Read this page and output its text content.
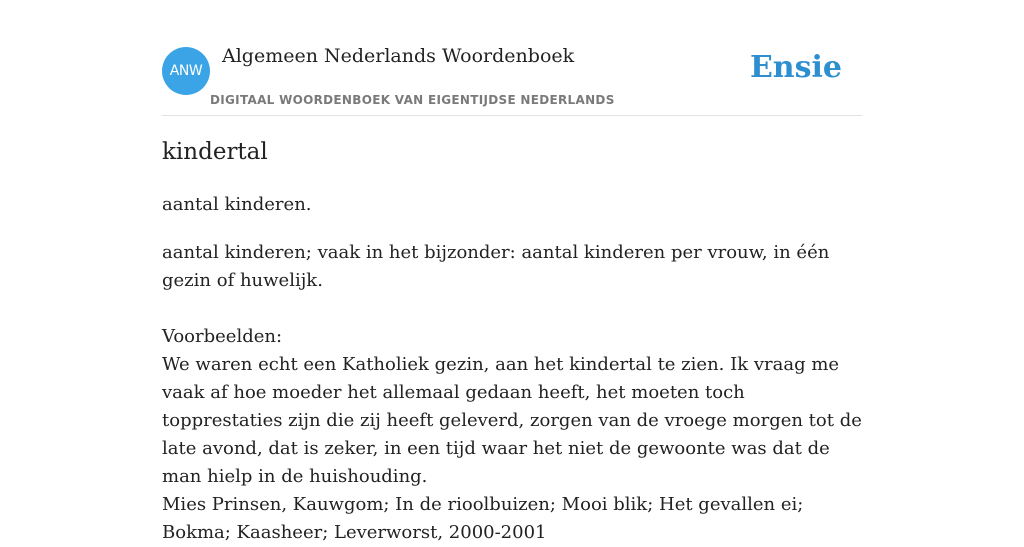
ANW
Algemeen Nederlands Woordenboek
DIGITAAL WOORDENBOEK VAN EIGENTIJDSE NEDERLANDS
Ensie
kindertal

aantal kinderen.

aantal kinderen; vaak in het bijzonder: aantal kinderen per vrouw, in één gezin of huwelijk.

Voorbeelden:

We waren echt een Katholiek gezin, aan het kindertal te zien. Ik vraag me vaak af hoe moeder het allemaal gedaan heeft, het moeten toch topprestaties zijn die zij heeft geleverd, zorgen van de vroege morgen tot de late avond, dat is zeker, in een tijd waar het niet de gewoonte was dat de man hielp in de huishouding.

Mies Prinsen, Kauwgom; In de rioolbuizen; Mooi blik; Het gevallen ei; Bokma; Kaasheer; Leverworst, 2000-2001
